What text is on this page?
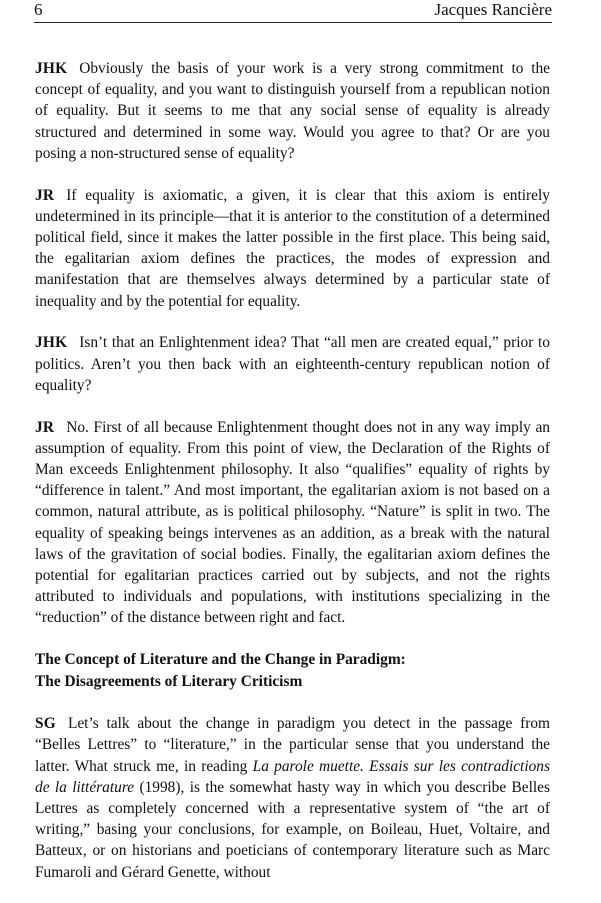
6	Jacques Rancière

JHK Obviously the basis of your work is a very strong commitment to the concept of equality, and you want to distinguish yourself from a republican notion of equality. But it seems to me that any social sense of equality is already structured and determined in some way. Would you agree to that? Or are you posing a non-structured sense of equality?

JR If equality is axiomatic, a given, it is clear that this axiom is entirely undetermined in its principle—that it is anterior to the constitution of a determined political field, since it makes the latter possible in the first place. This being said, the egalitarian axiom defines the practices, the modes of expression and manifestation that are themselves always determined by a particular state of inequality and by the potential for equality.

JHK Isn’t that an Enlightenment idea? That “all men are created equal,” prior to politics. Aren’t you then back with an eighteenth-century republican notion of equality?

JR No. First of all because Enlightenment thought does not in any way imply an assumption of equality. From this point of view, the Declaration of the Rights of Man exceeds Enlightenment philosophy. It also “qualifies” equality of rights by “difference in talent.” And most important, the egalitarian axiom is not based on a common, natural attribute, as is political philosophy. “Nature” is split in two. The equality of speaking beings intervenes as an addition, as a break with the natural laws of the gravitation of social bodies. Finally, the egalitarian axiom defines the potential for egalitarian practices carried out by subjects, and not the rights attributed to individuals and populations, with institutions specializing in the “reduction” of the distance between right and fact.

The Concept of Literature and the Change in Paradigm:
The Disagreements of Literary Criticism

SG Let’s talk about the change in paradigm you detect in the passage from “Belles Lettres” to “literature,” in the particular sense that you understand the latter. What struck me, in reading La parole muette. Essais sur les contradictions de la littérature (1998), is the somewhat hasty way in which you describe Belles Lettres as completely concerned with a representative system of “the art of writing,” basing your conclusions, for example, on Boileau, Huet, Voltaire, and Batteux, or on historians and poeticians of contemporary literature such as Marc Fumaroli and Gérard Genette, without
